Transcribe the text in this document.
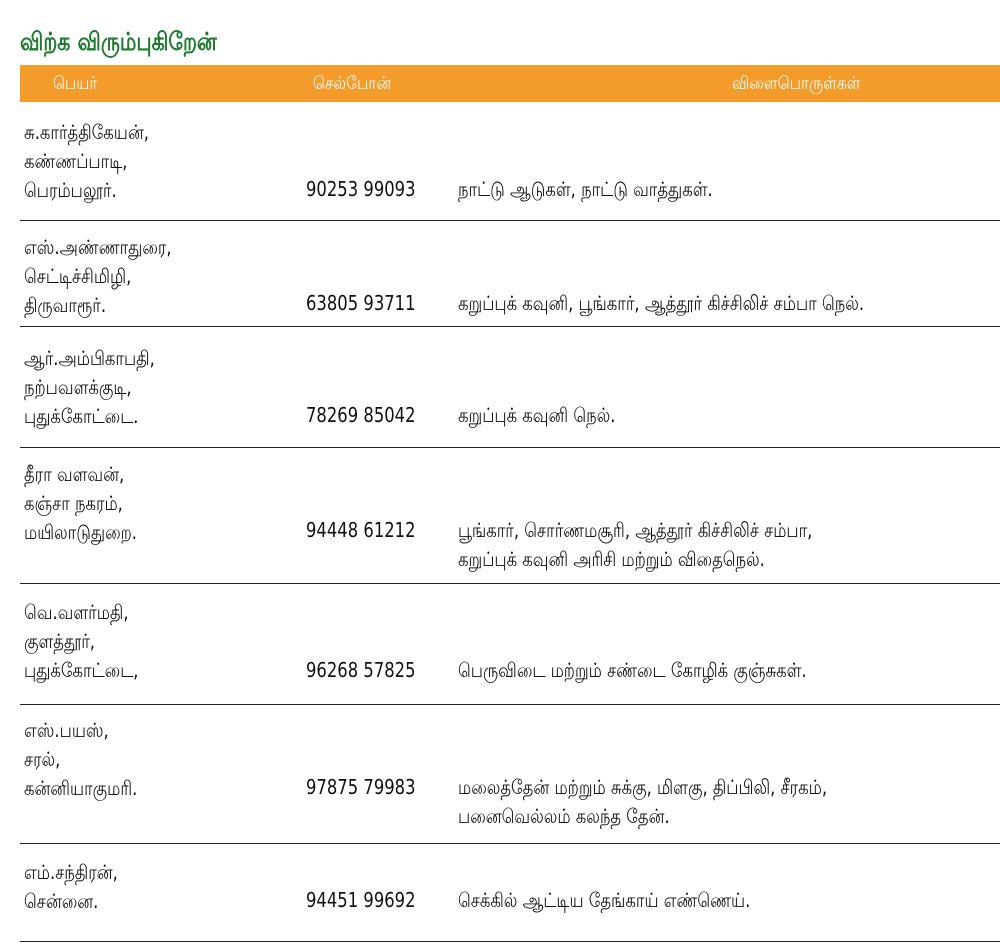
விற்க விரும்புகிறேன்
பெயர்	செல்போன்	விளைபொருள்கள்
சு.கார்த்திகேயன்,
கண்ணப்பாடி,
பெரம்பலூர்.	90253 99093 நாட்டு ஆடுகள், நாட்டு வாத்துகள்.
எஸ்.அண்ணாதுரை,
செட்டிச்சிமிழி,
திருவாரூர்.	63805 93711 கறுப்புக் கவுனி, பூங்கார், ஆத்தூர் கிச்சிலிச் சம்பா நெல்.
ஆர்.அம்பிகாபதி,
நற்பவளக்குடி,
புதுக்கோட்டை.	78269 85042 கறுப்புக் கவுனி நெல்.
தீரா வளவன்,
கஞ்சா நகரம்,
மயிலாடுதுறை.	94448 61212 பூங்கார், சொர்ணமசூரி, ஆத்தூர் கிச்சிலிச் சம்பா,
கறுப்புக் கவுனி அரிசி மற்றும் விதைநெல்.
வெ.வளர்மதி,
குளத்தூர்,
புதுக்கோட்டை,	96268 57825 பெருவிடை மற்றும் சண்டை கோழிக் குஞ்சுகள்.
எஸ்.பயஸ்,
சரல்,
கன்னியாகுமரி.	97875 79983 மலைத்தேன் மற்றும் சுக்கு, மிளகு, திப்பிலி, சீரகம்,
பனைவெல்லம் கலந்த தேன்.
எம்.சந்திரன்,
சென்னை.	94451 99692 செக்கில் ஆட்டிய தேங்காய் எண்ணெய்.
